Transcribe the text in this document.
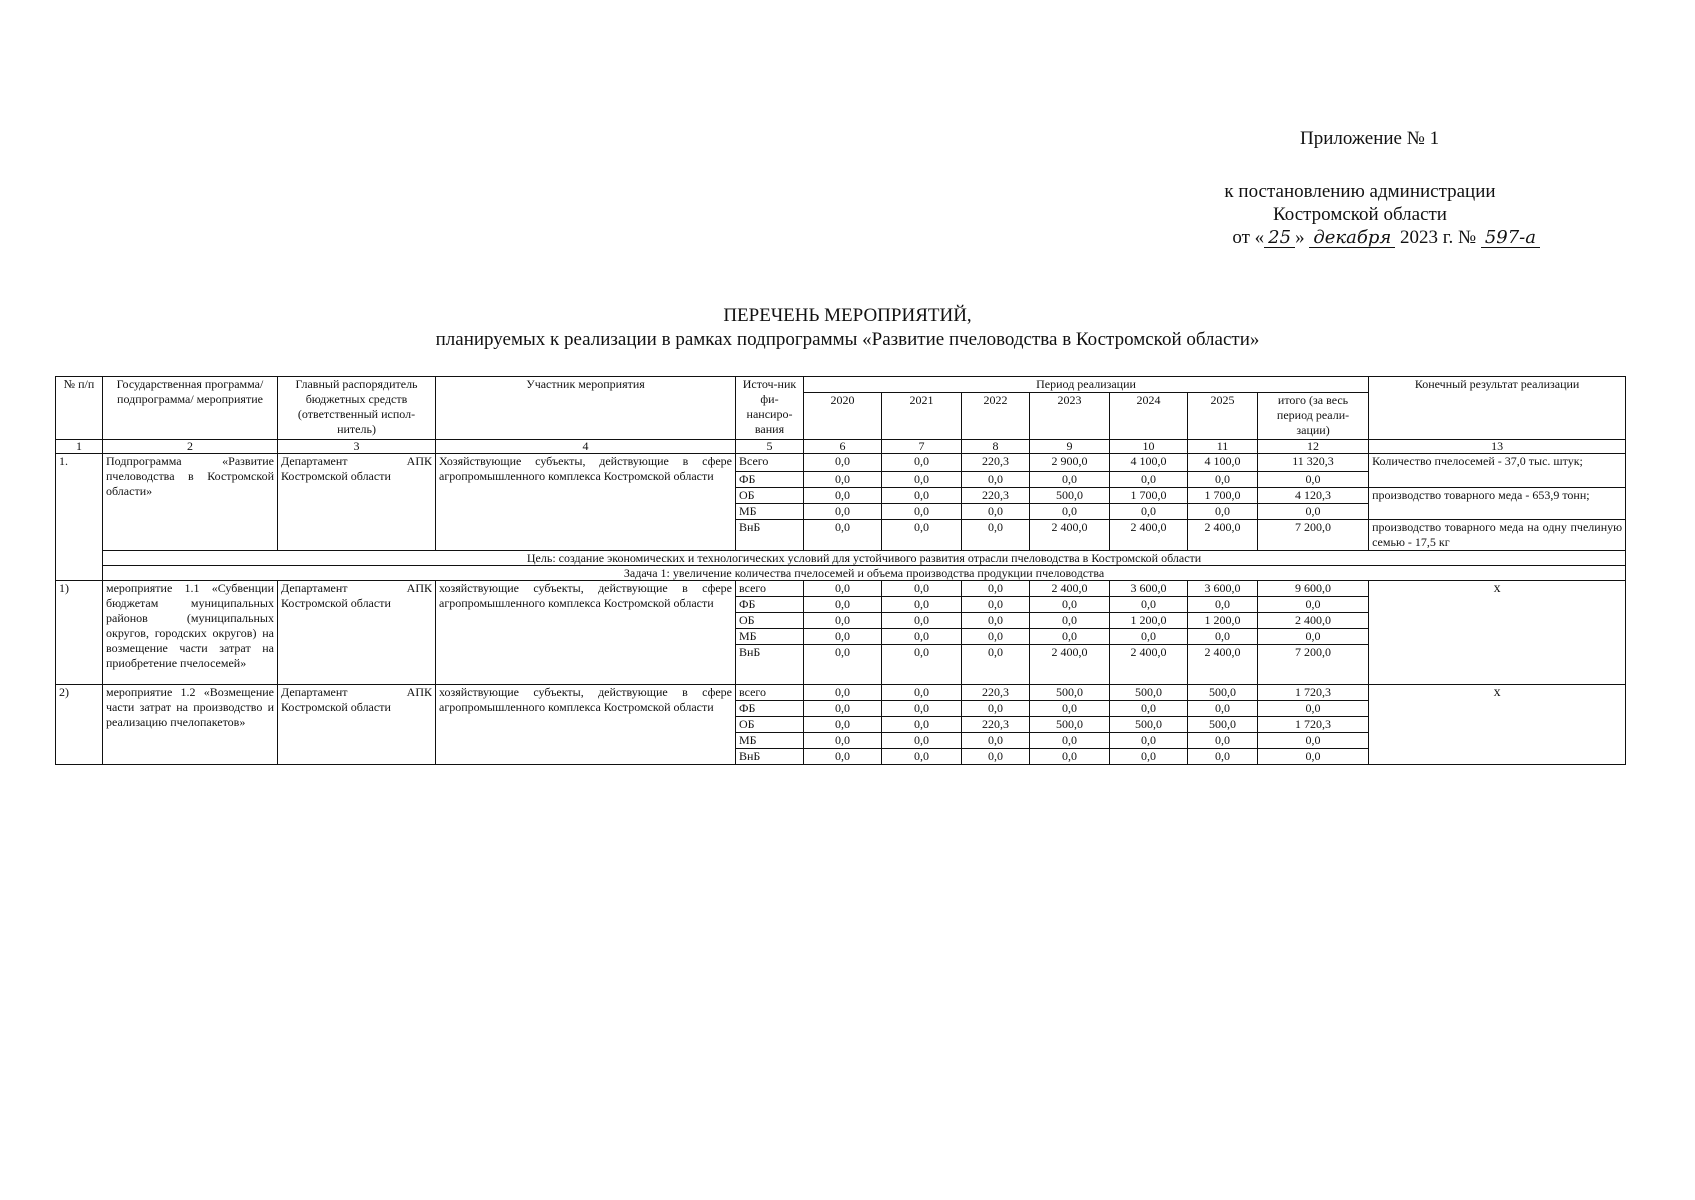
Приложение № 1
к постановлению администрации
Костромской области
от « 25 » декабря 2023 г. № 597-а
ПЕРЕЧЕНЬ МЕРОПРИЯТИЙ,
планируемых к реализации в рамках подпрограммы «Развитие пчеловодства в Костромской области»
№ п/п	Государственная программа/ подпрограмма/ мероприятие	Главный распорядитель бюджетных средств (ответственный испол-нитель)	Участник мероприятия	Источ-ник фи-нансиро-вания	Период реализации							Конечный результат реализации
					2020	2021	2022	2023	2024	2025	итого (за весь период реали-зации)	
1	2	3	4	5	6	7	8	9	10	11	12	13
1.	Подпрограмма «Развитие пчеловодства в Костромской области»	Департамент АПК Костромской области	Хозяйствующие субъекты, действующие в сфере агропромышленного комплекса Костромской области	Всего	0,0	0,0	220,3	2 900,0	4 100,0	4 100,0	11 320,3	Количество пчелосемей - 37,0 тыс. штук;
				ФБ	0,0	0,0	0,0	0,0	0,0	0,0	0,0	
				ОБ	0,0	0,0	220,3	500,0	1 700,0	1 700,0	4 120,3	производство товарного меда - 653,9 тонн;
				МБ	0,0	0,0	0,0	0,0	0,0	0,0	0,0	
				ВнБ	0,0	0,0	0,0	2 400,0	2 400,0	2 400,0	7 200,0	производство товарного меда на одну пчелиную семью - 17,5 кг
	Цель: создание экономических и технологических условий для устойчивого развития отрасли пчеловодства в Костромской области											
	Задача 1: увеличение количества пчелосемей и объема производства продукции пчеловодства											
1)	мероприятие 1.1 «Субвенции бюджетам муниципальных районов (муниципальных округов, городских округов) на возмещение части затрат на приобретение пчелосемей»	Департамент АПК Костромской области	хозяйствующие субъекты, действующие в сфере агропромышленного комплекса Костромской области	всего	0,0	0,0	0,0	2 400,0	3 600,0	3 600,0	9 600,0	х
				ФБ	0,0	0,0	0,0	0,0	0,0	0,0	0,0	
				ОБ	0,0	0,0	0,0	0,0	1 200,0	1 200,0	2 400,0	
				МБ	0,0	0,0	0,0	0,0	0,0	0,0	0,0	
				ВнБ	0,0	0,0	0,0	2 400,0	2 400,0	2 400,0	7 200,0	
2)	мероприятие 1.2 «Возмещение части затрат на производство и реализацию пчелопакетов»	Департамент АПК Костромской области	хозяйствующие субъекты, действующие в сфере агропромышленного комплекса Костромской области	всего	0,0	0,0	220,3	500,0	500,0	500,0	1 720,3	х
				ФБ	0,0	0,0	0,0	0,0	0,0	0,0	0,0	
				ОБ	0,0	0,0	220,3	500,0	500,0	500,0	1 720,3	
				МБ	0,0	0,0	0,0	0,0	0,0	0,0	0,0	
				ВнБ	0,0	0,0	0,0	0,0	0,0	0,0	0,0	
